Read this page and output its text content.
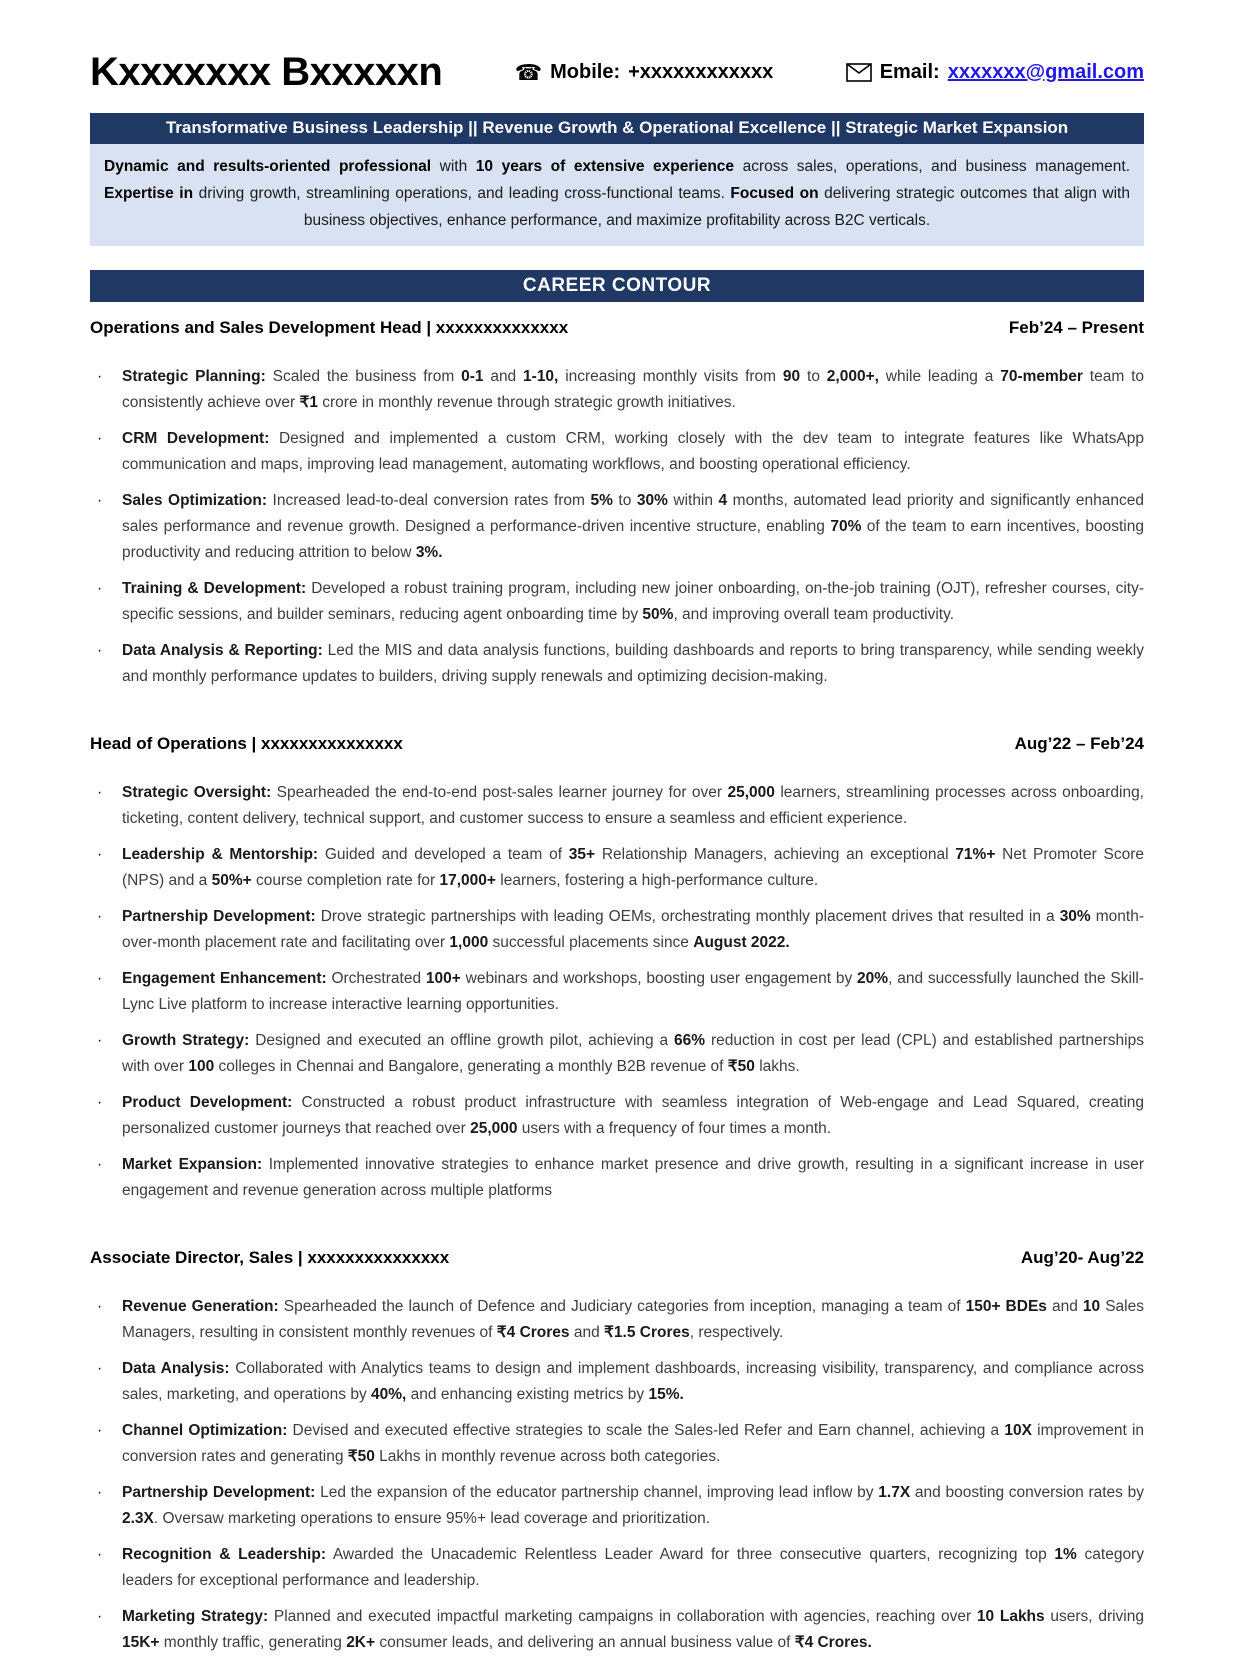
Kxxxxxxx Bxxxxxn	☎ Mobile: +xxxxxxxxxxxx	Email: xxxxxxx@gmail.com
Transformative Business Leadership || Revenue Growth & Operational Excellence || Strategic Market Expansion
Dynamic and results-oriented professional with 10 years of extensive experience across sales, operations, and business management. Expertise in driving growth, streamlining operations, and leading cross-functional teams. Focused on delivering strategic outcomes that align with business objectives, enhance performance, and maximize profitability across B2C verticals.
CAREER CONTOUR
Operations and Sales Development Head | xxxxxxxxxxxxxx	Feb’24 – Present
· Strategic Planning: Scaled the business from 0-1 and 1-10, increasing monthly visits from 90 to 2,000+, while leading a 70-member team to consistently achieve over ₹1 crore in monthly revenue through strategic growth initiatives.
· CRM Development: Designed and implemented a custom CRM, working closely with the dev team to integrate features like WhatsApp communication and maps, improving lead management, automating workflows, and boosting operational efficiency.
· Sales Optimization: Increased lead-to-deal conversion rates from 5% to 30% within 4 months, automated lead priority and significantly enhanced sales performance and revenue growth. Designed a performance-driven incentive structure, enabling 70% of the team to earn incentives, boosting productivity and reducing attrition to below 3%.
· Training & Development: Developed a robust training program, including new joiner onboarding, on-the-job training (OJT), refresher courses, city-specific sessions, and builder seminars, reducing agent onboarding time by 50%, and improving overall team productivity.
· Data Analysis & Reporting: Led the MIS and data analysis functions, building dashboards and reports to bring transparency, while sending weekly and monthly performance updates to builders, driving supply renewals and optimizing decision-making.
Head of Operations | xxxxxxxxxxxxxxx	Aug’22 – Feb’24
· Strategic Oversight: Spearheaded the end-to-end post-sales learner journey for over 25,000 learners, streamlining processes across onboarding, ticketing, content delivery, technical support, and customer success to ensure a seamless and efficient experience.
· Leadership & Mentorship: Guided and developed a team of 35+ Relationship Managers, achieving an exceptional 71%+ Net Promoter Score (NPS) and a 50%+ course completion rate for 17,000+ learners, fostering a high-performance culture.
· Partnership Development: Drove strategic partnerships with leading OEMs, orchestrating monthly placement drives that resulted in a 30% month-over-month placement rate and facilitating over 1,000 successful placements since August 2022.
· Engagement Enhancement: Orchestrated 100+ webinars and workshops, boosting user engagement by 20%, and successfully launched the Skill-Lync Live platform to increase interactive learning opportunities.
· Growth Strategy: Designed and executed an offline growth pilot, achieving a 66% reduction in cost per lead (CPL) and established partnerships with over 100 colleges in Chennai and Bangalore, generating a monthly B2B revenue of ₹50 lakhs.
· Product Development: Constructed a robust product infrastructure with seamless integration of Web-engage and Lead Squared, creating personalized customer journeys that reached over 25,000 users with a frequency of four times a month.
· Market Expansion: Implemented innovative strategies to enhance market presence and drive growth, resulting in a significant increase in user engagement and revenue generation across multiple platforms
Associate Director, Sales | xxxxxxxxxxxxxxx	Aug’20- Aug’22
· Revenue Generation: Spearheaded the launch of Defence and Judiciary categories from inception, managing a team of 150+ BDEs and 10 Sales Managers, resulting in consistent monthly revenues of ₹4 Crores and ₹1.5 Crores, respectively.
· Data Analysis: Collaborated with Analytics teams to design and implement dashboards, increasing visibility, transparency, and compliance across sales, marketing, and operations by 40%, and enhancing existing metrics by 15%.
· Channel Optimization: Devised and executed effective strategies to scale the Sales-led Refer and Earn channel, achieving a 10X improvement in conversion rates and generating ₹50 Lakhs in monthly revenue across both categories.
· Partnership Development: Led the expansion of the educator partnership channel, improving lead inflow by 1.7X and boosting conversion rates by 2.3X. Oversaw marketing operations to ensure 95%+ lead coverage and prioritization.
· Recognition & Leadership: Awarded the Unacademic Relentless Leader Award for three consecutive quarters, recognizing top 1% category leaders for exceptional performance and leadership.
· Marketing Strategy: Planned and executed impactful marketing campaigns in collaboration with agencies, reaching over 10 Lakhs users, driving 15K+ monthly traffic, generating 2K+ consumer leads, and delivering an annual business value of ₹4 Crores.
